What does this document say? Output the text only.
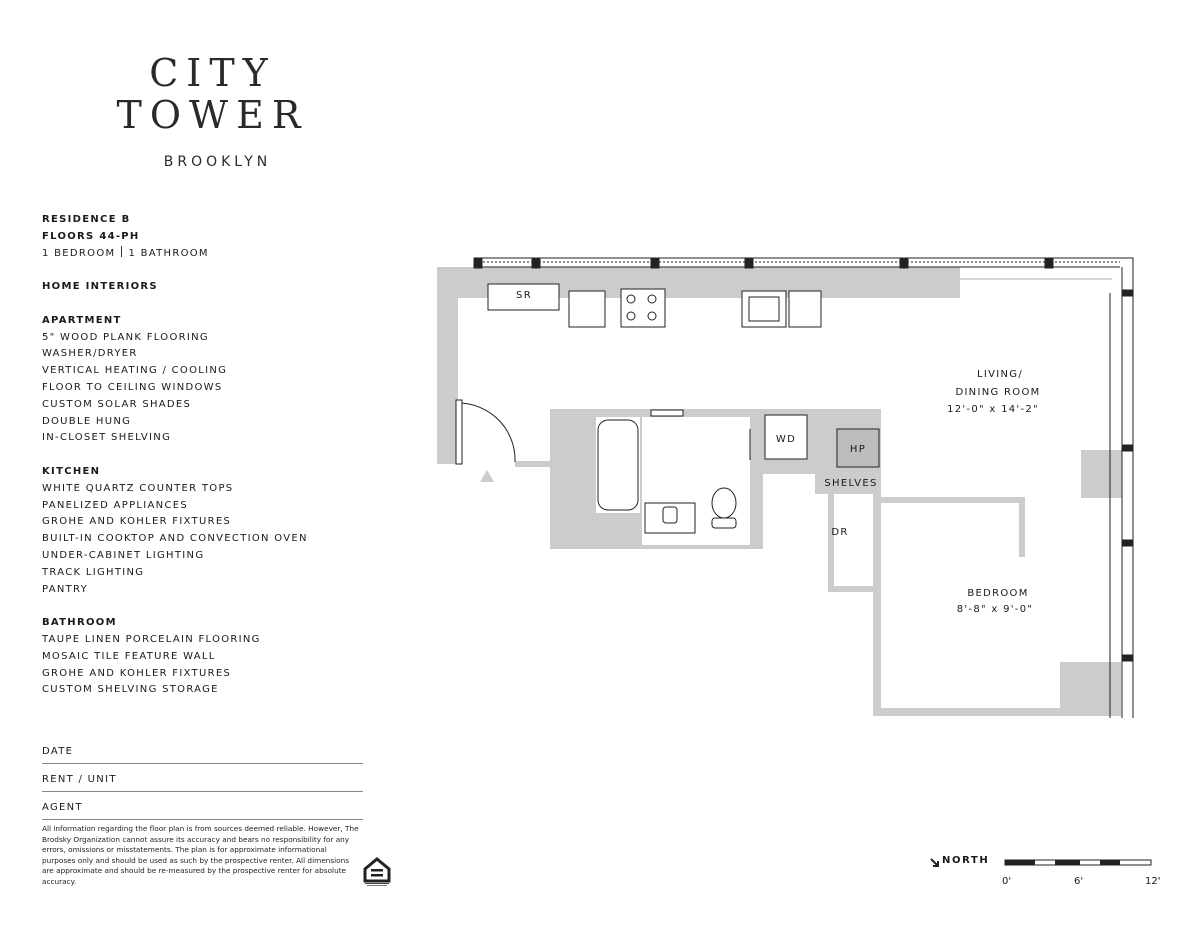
CITY
TOWER
BROOKLYN
RESIDENCE B
FLOORS 44-PH
1 BEDROOM 1 BATHROOM
HOME INTERIORS
APARTMENT
5" WOOD PLANK FLOORING
WASHER/DRYER
VERTICAL HEATING / COOLING
FLOOR TO CEILING WINDOWS
CUSTOM SOLAR SHADES
DOUBLE HUNG
IN-CLOSET SHELVING
KITCHEN
WHITE QUARTZ COUNTER TOPS
PANELIZED APPLIANCES
GROHE AND KOHLER FIXTURES
BUILT-IN COOKTOP AND CONVECTION OVEN
UNDER-CABINET LIGHTING
TRACK LIGHTING
PANTRY
BATHROOM
TAUPE LINEN PORCELAIN FLOORING
MOSAIC TILE FEATURE WALL
GROHE AND KOHLER FIXTURES
CUSTOM SHELVING STORAGE
DATE
RENT / UNIT
AGENT
All information regarding the floor plan is from sources deemed reliable. However, The Brodsky Organization cannot assure its accuracy and bears no responsibility for any errors, omissions or misstatements. The plan is for approximate informational purposes only and should be used as such by the prospective renter. All dimensions are approximate and should be re-measured by the prospective renter for absolute accuracy.
LIVING/
DINING ROOM
12'-0" x 14'-2"
BEDROOM
8'-8" x 9'-0"
SR
WD
HP
SHELVES
DR
NORTH
0'	6'	12'
